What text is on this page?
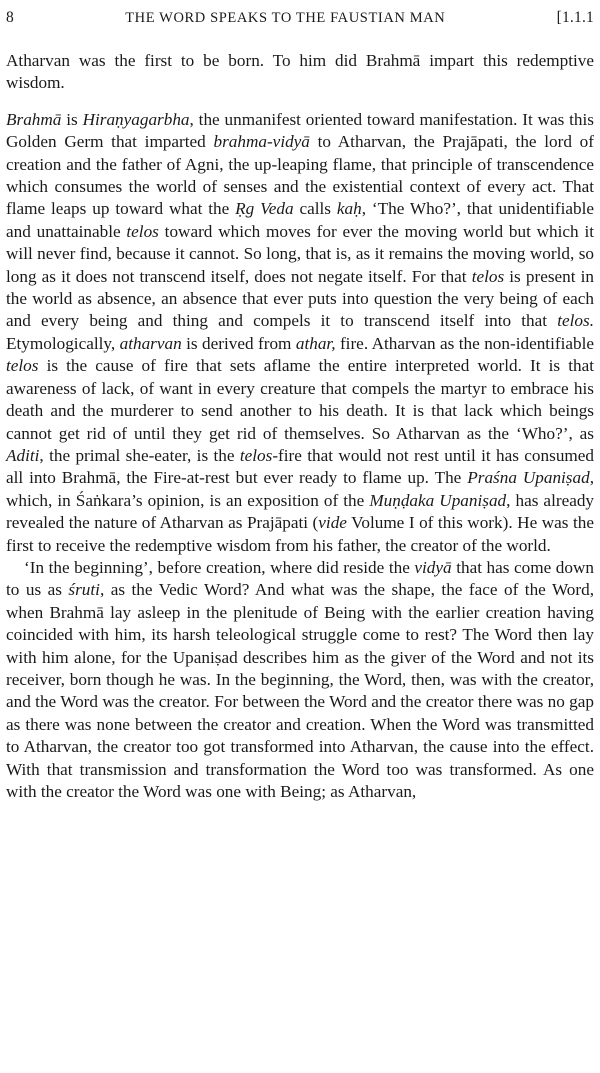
8	THE WORD SPEAKS TO THE FAUSTIAN MAN	[1.1.1

Atharvan was the first to be born. To him did Brahmā impart this redemptive wisdom.

Brahmā is Hiraṇyagarbha, the unmanifest oriented toward manifestation. It was this Golden Germ that imparted brahma-vidyā to Atharvan, the Prajāpati, the lord of creation and the father of Agni, the up-leaping flame, that principle of transcendence which consumes the world of senses and the existential context of every act. That flame leaps up toward what the Ṛg Veda calls kaḥ, ‘The Who?’, that unidentifiable and unattainable telos toward which moves for ever the moving world but which it will never find, because it cannot. So long, that is, as it remains the moving world, so long as it does not transcend itself, does not negate itself. For that telos is present in the world as absence, an absence that ever puts into question the very being of each and every being and thing and compels it to transcend itself into that telos. Etymologically, atharvan is derived from athar, fire. Atharvan as the non-identifiable telos is the cause of fire that sets aflame the entire interpreted world. It is that awareness of lack, of want in every creature that compels the martyr to embrace his death and the murderer to send another to his death. It is that lack which beings cannot get rid of until they get rid of themselves. So Atharvan as the ‘Who?’, as Aditi, the primal she-eater, is the telos-fire that would not rest until it has consumed all into Brahmā, the Fire-at-rest but ever ready to flame up. The Praśna Upaniṣad, which, in Śaṅkara’s opinion, is an exposition of the Muṇḍaka Upaniṣad, has already revealed the nature of Atharvan as Prajāpati (vide Volume I of this work). He was the first to receive the redemptive wisdom from his father, the creator of the world.

‘In the beginning’, before creation, where did reside the vidyā that has come down to us as śruti, as the Vedic Word? And what was the shape, the face of the Word, when Brahmā lay asleep in the plenitude of Being with the earlier creation having coincided with him, its harsh teleological struggle come to rest? The Word then lay with him alone, for the Upaniṣad describes him as the giver of the Word and not its receiver, born though he was. In the beginning, the Word, then, was with the creator, and the Word was the creator. For between the Word and the creator there was no gap as there was none between the creator and creation. When the Word was transmitted to Atharvan, the creator too got transformed into Atharvan, the cause into the effect. With that transmission and transformation the Word too was transformed. As one with the creator the Word was one with Being; as Atharvan,
